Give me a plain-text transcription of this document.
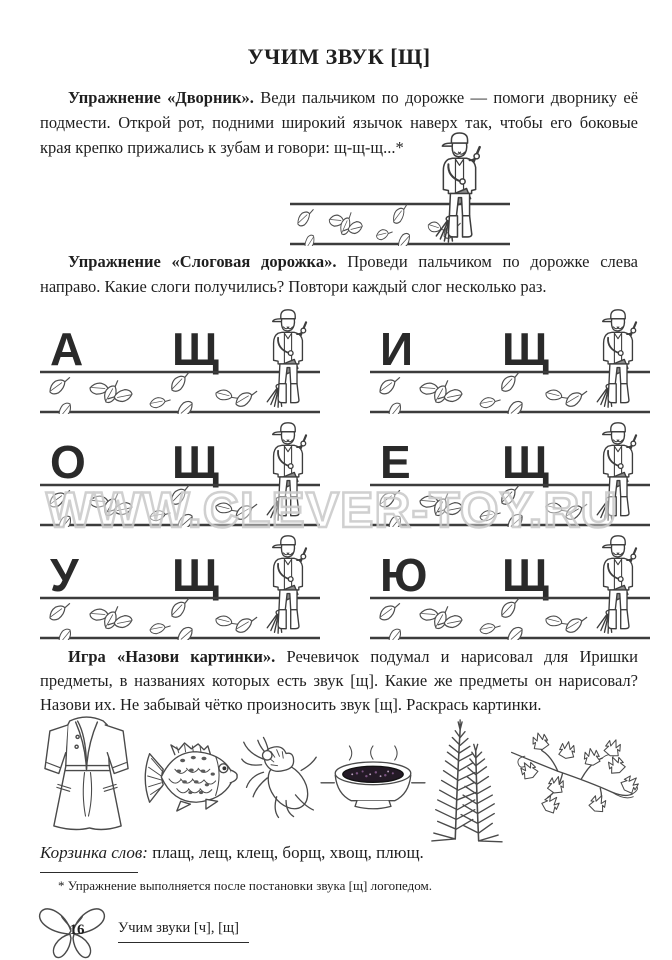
УЧИМ ЗВУК [Щ]

Упражнение «Дворник». Веди пальчиком по дорожке — помоги дворнику её подмести. Открой рот, подними широкий язычок наверх так, чтобы его боковые края крепко прижались к зубам и говори: щ-щ-щ...*

Упражнение «Слоговая дорожка». Проведи пальчиком по дорожке слева направо. Какие слоги получились? Повтори каждый слог несколько раз.

А Щ	И Щ
О Щ	Е Щ
У Щ	Ю Щ
WWW.CLEVER-TOY.RU

Игра «Назови картинки». Речевичок подумал и нарисовал для Иришки предметы, в названиях которых есть звук [щ]. Какие же предметы он нарисовал? Назови их. Не забывай чётко произносить звук [щ]. Раскрась картинки.

Корзинка слов: плащ, лещ, клещ, борщ, хвощ, плющ.

* Упражнение выполняется после постановки звука [щ] логопедом.

16	Учим звуки [ч], [щ]
